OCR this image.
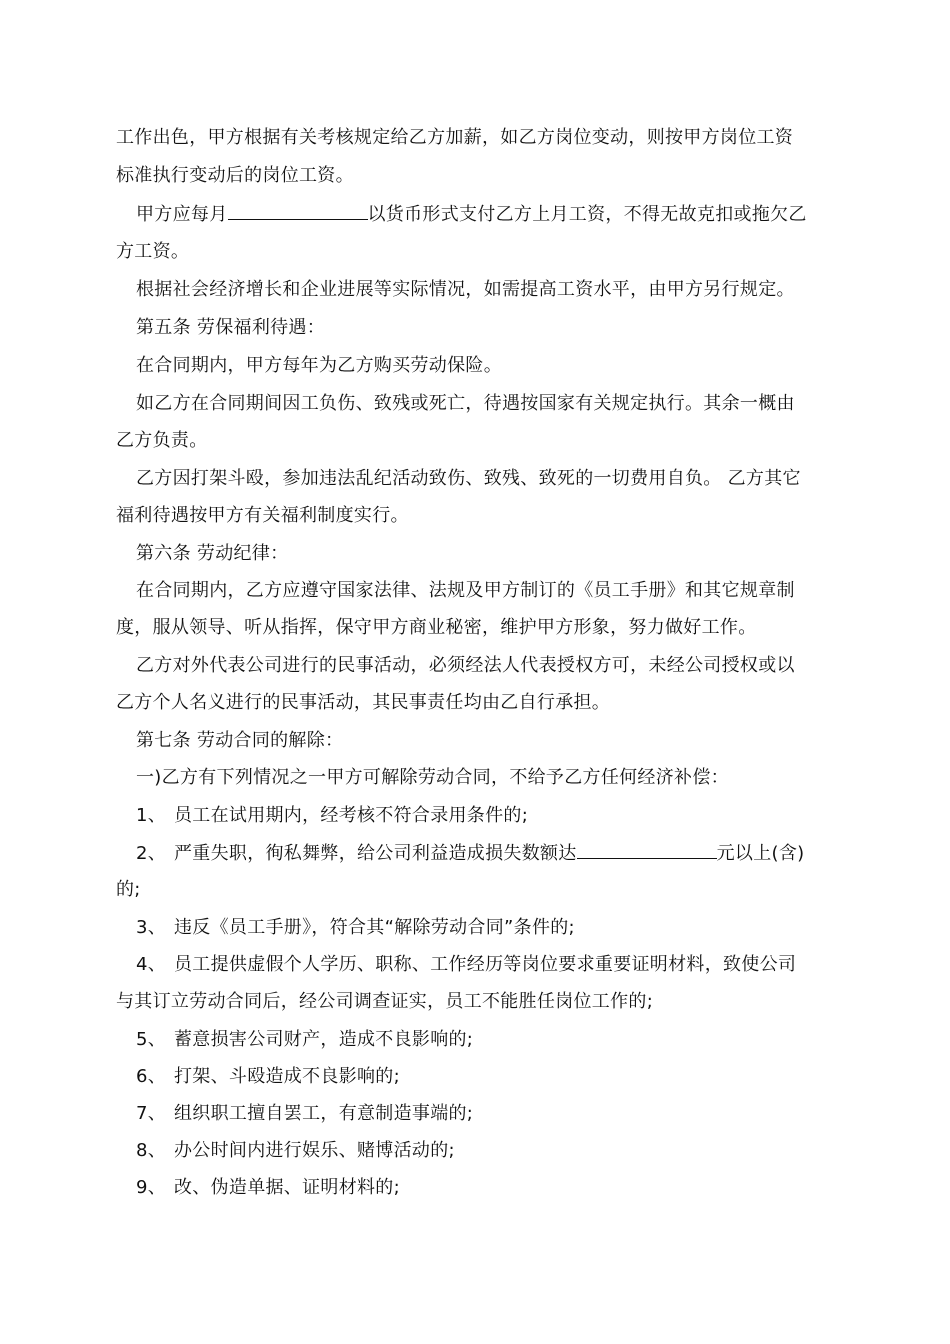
工作出色，甲方根据有关考核规定给乙方加薪，如乙方岗位变动，则按甲方岗位工资
标准执行变动后的岗位工资。
甲方应每月	以货币形式支付乙方上月工资，不得无故克扣或拖欠乙
方工资。
根据社会经济增长和企业进展等实际情况，如需提高工资水平，由甲方另行规定。
第五条 劳保福利待遇：
在合同期内，甲方每年为乙方购买劳动保险。
如乙方在合同期间因工负伤、致残或死亡，待遇按国家有关规定执行。其余一概由
乙方负责。
乙方因打架斗殴，参加违法乱纪活动致伤、致残、致死的一切费用自负。 乙方其它
福利待遇按甲方有关福利制度实行。
第六条 劳动纪律：
在合同期内，乙方应遵守国家法律、法规及甲方制订的《员工手册》和其它规章制
度，服从领导、听从指挥，保守甲方商业秘密，维护甲方形象，努力做好工作。
乙方对外代表公司进行的民事活动，必须经法人代表授权方可，未经公司授权或以
乙方个人名义进行的民事活动，其民事责任均由乙自行承担。
第七条 劳动合同的解除：
一)乙方有下列情况之一甲方可解除劳动合同，不给予乙方任何经济补偿：
1、 员工在试用期内，经考核不符合录用条件的;
2、 严重失职，徇私舞弊，给公司利益造成损失数额达	元以上(含)
的;
3、 违反《员工手册》，符合其“解除劳动合同”条件的;
4、 员工提供虚假个人学历、职称、工作经历等岗位要求重要证明材料，致使公司
与其订立劳动合同后，经公司调查证实，员工不能胜任岗位工作的;
5、 蓄意损害公司财产，造成不良影响的;
6、 打架、斗殴造成不良影响的;
7、 组织职工擅自罢工，有意制造事端的;
8、 办公时间内进行娱乐、赌博活动的;
9、 改、伪造单据、证明材料的;
